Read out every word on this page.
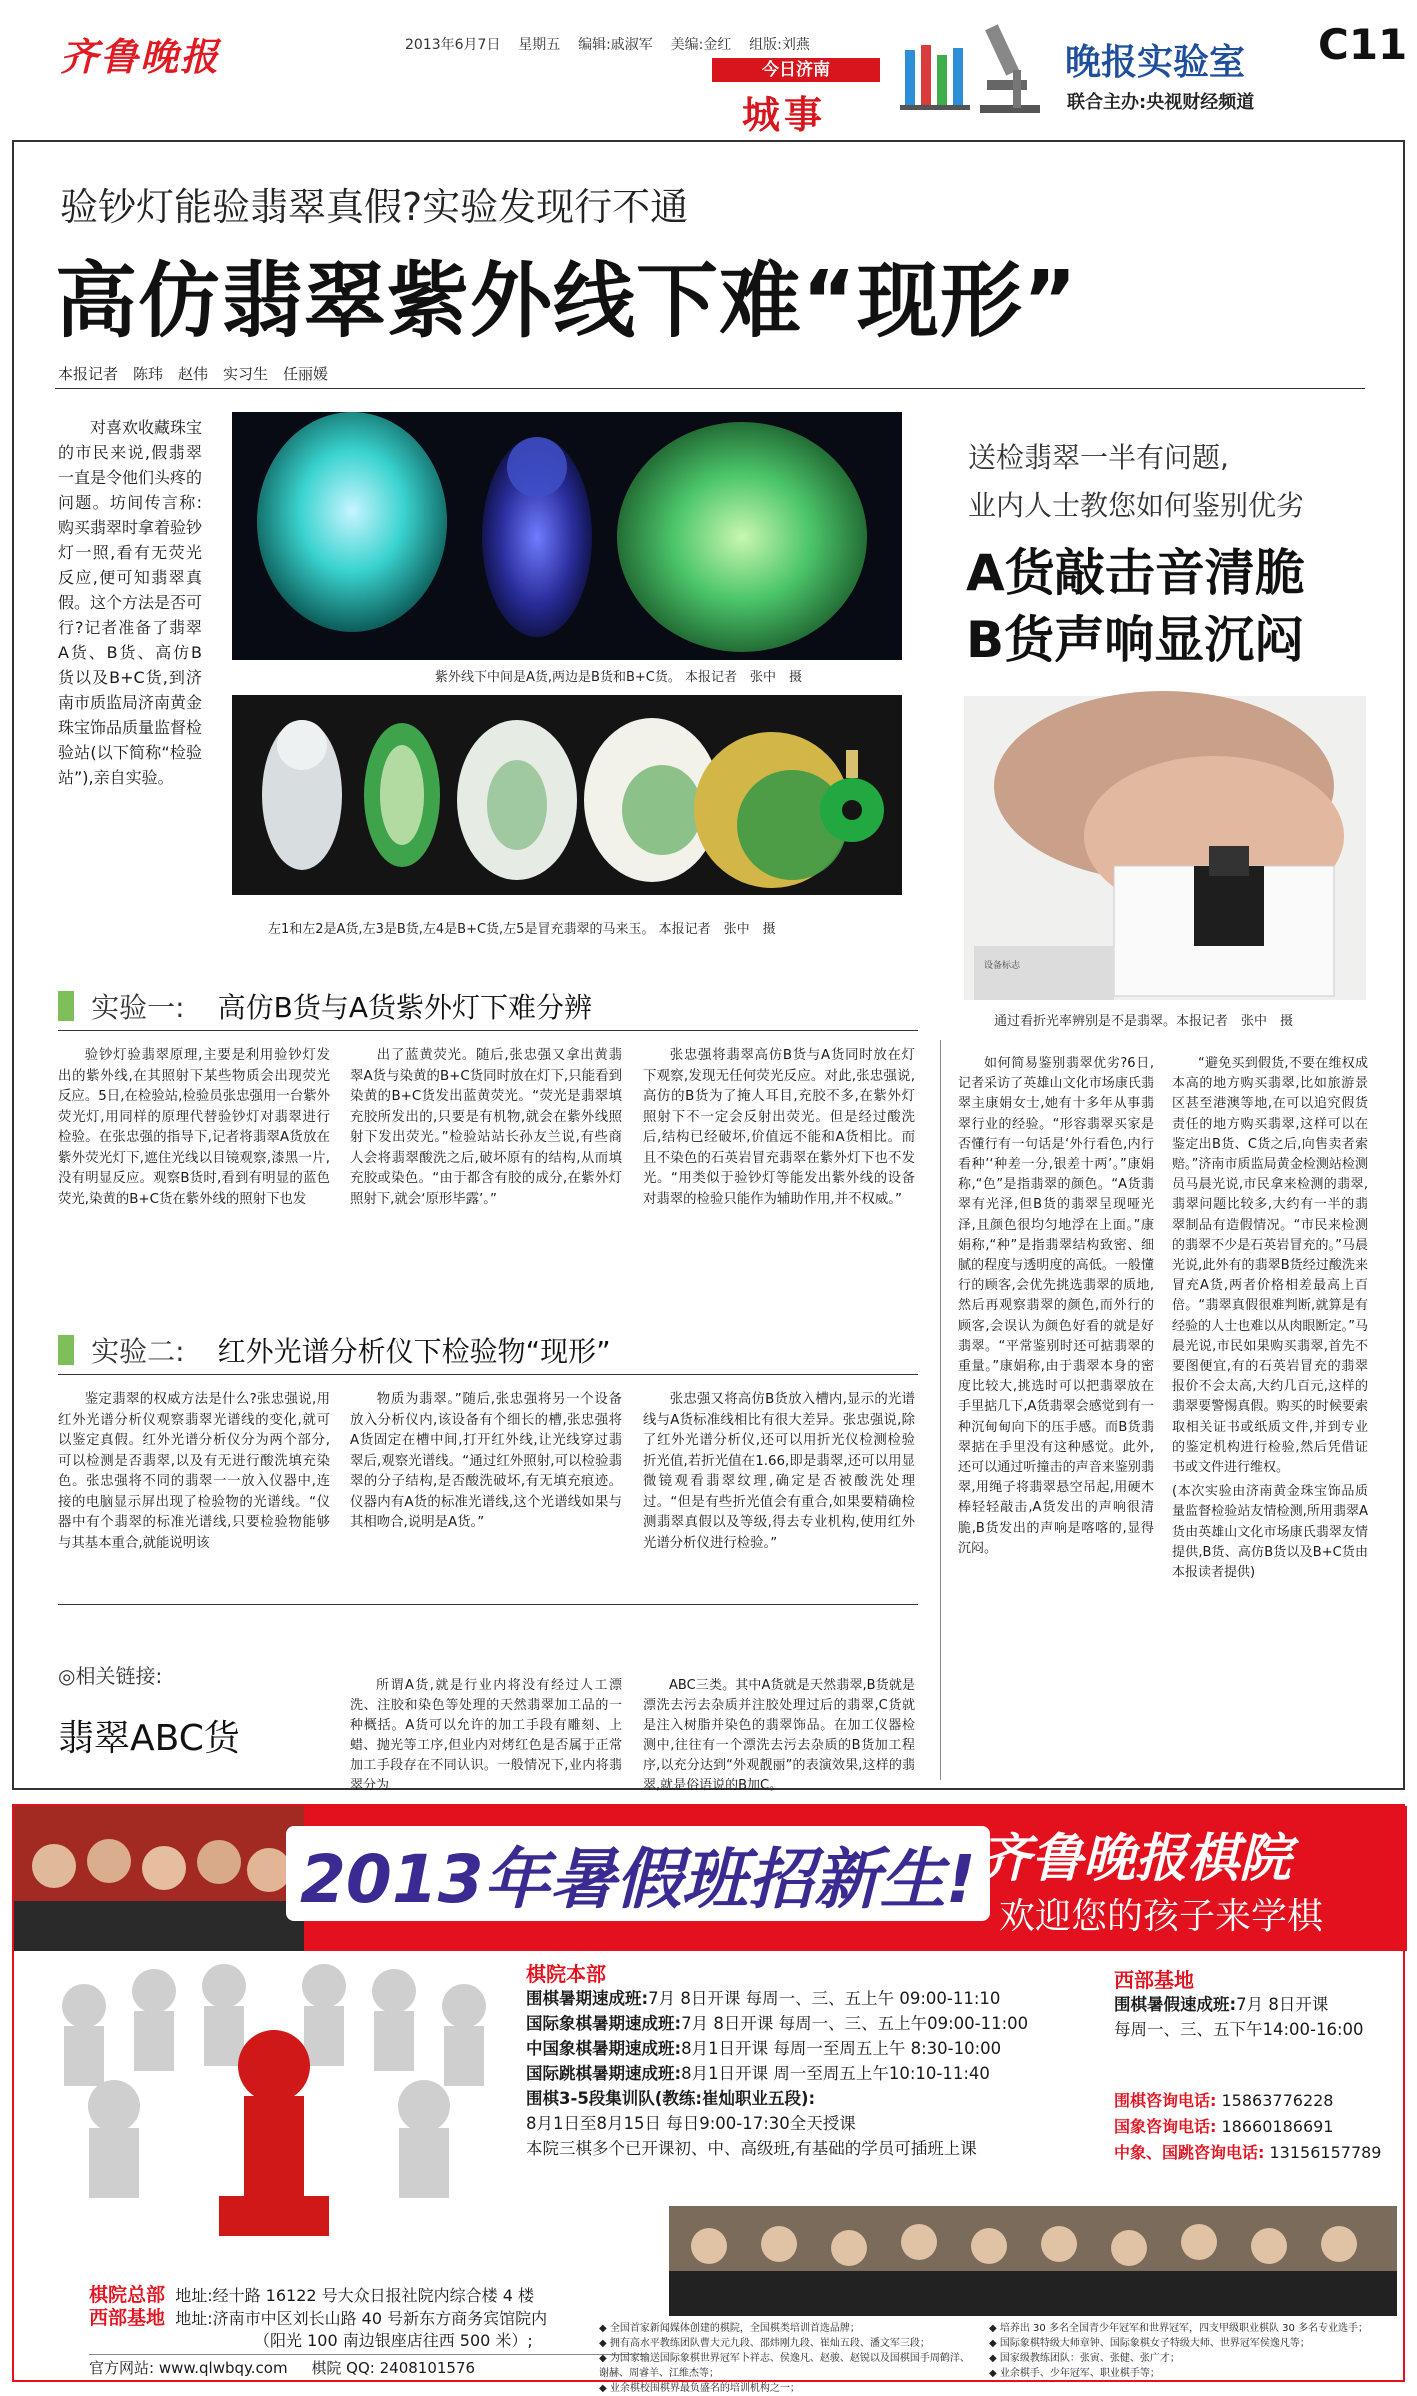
齐鲁晚报	2013年6月7日 星期五 编辑:戚淑军 美编:金红 组版:刘燕
今日济南
城事
晚报实验室
联合主办:央视财经频道
C11
验钞灯能验翡翠真假?实验发现行不通
高仿翡翠紫外线下难“现形”
本报记者　陈玮　赵伟　实习生　任丽媛

对喜欢收藏珠宝的市民来说,假翡翠一直是令他们头疼的问题。坊间传言称:购买翡翠时拿着验钞灯一照,看有无荧光反应,便可知翡翠真假。这个方法是否可行?记者准备了翡翠A货、B货、高仿B货以及B+C货,到济南市质监局济南黄金珠宝饰品质量监督检验站(以下简称“检验站”),亲自实验。

紫外线下中间是A货,两边是B货和B+C货。 本报记者　张中　摄
左1和左2是A货,左3是B货,左4是B+C货,左5是冒充翡翠的马来玉。 本报记者　张中　摄
送检翡翠一半有问题,
业内人士教您如何鉴别优劣
A货敲击音清脆
B货声响显沉闷
设备标志
通过看折光率辨别是不是翡翠。本报记者　张中　摄
实验一: 高仿B货与A货紫外灯下难分辨

验钞灯验翡翠原理,主要是利用验钞灯发出的紫外线,在其照射下某些物质会出现荧光反应。5日,在检验站,检验员张忠强用一台紫外荧光灯,用同样的原理代替验钞灯对翡翠进行检验。在张忠强的指导下,记者将翡翠A货放在紫外荧光灯下,遮住光线以目镜观察,漆黑一片,没有明显反应。观察B货时,看到有明显的蓝色荧光,染黄的B+C货在紫外线的照射下也发

出了蓝黄荧光。随后,张忠强又拿出黄翡翠A货与染黄的B+C货同时放在灯下,只能看到染黄的B+C货发出蓝黄荧光。“荧光是翡翠填充胶所发出的,只要是有机物,就会在紫外线照射下发出荧光。”检验站站长孙友兰说,有些商人会将翡翠酸洗之后,破坏原有的结构,从而填充胶或染色。“由于都含有胶的成分,在紫外灯照射下,就会‘原形毕露’。”

张忠强将翡翠高仿B货与A货同时放在灯下观察,发现无任何荧光反应。对此,张忠强说,高仿的B货为了掩人耳目,充胶不多,在紫外灯照射下不一定会反射出荧光。但是经过酸洗后,结构已经破坏,价值远不能和A货相比。而且不染色的石英岩冒充翡翠在紫外灯下也不发光。“用类似于验钞灯等能发出紫外线的设备对翡翠的检验只能作为辅助作用,并不权威。”

实验二: 红外光谱分析仪下检验物“现形”

鉴定翡翠的权威方法是什么?张忠强说,用红外光谱分析仪观察翡翠光谱线的变化,就可以鉴定真假。红外光谱分析仪分为两个部分,可以检测是否翡翠,以及有无进行酸洗填充染色。张忠强将不同的翡翠一一放入仪器中,连接的电脑显示屏出现了检验物的光谱线。“仪器中有个翡翠的标准光谱线,只要检验物能够与其基本重合,就能说明该

物质为翡翠。”随后,张忠强将另一个设备放入分析仪内,该设备有个细长的槽,张忠强将A货固定在槽中间,打开红外线,让光线穿过翡翠后,观察光谱线。“通过红外照射,可以检验翡翠的分子结构,是否酸洗破坏,有无填充痕迹。仪器内有A货的标准光谱线,这个光谱线如果与其相吻合,说明是A货。”

张忠强又将高仿B货放入槽内,显示的光谱线与A货标准线相比有很大差异。张忠强说,除了红外光谱分析仪,还可以用折光仪检测检验折光值,若折光值在1.66,即是翡翠,还可以用显微镜观看翡翠纹理,确定是否被酸洗处理过。“但是有些折光值会有重合,如果要精确检测翡翠真假以及等级,得去专业机构,使用红外光谱分析仪进行检验。”

◎相关链接:
翡翠ABC货

所谓A货,就是行业内将没有经过人工漂洗、注胶和染色等处理的天然翡翠加工品的一种概括。A货可以允许的加工手段有雕刻、上蜡、抛光等工序,但业内对烤红色是否属于正常加工手段存在不同认识。一般情况下,业内将翡翠分为

ABC三类。其中A货就是天然翡翠,B货就是漂洗去污去杂质并注胶处理过后的翡翠,C货就是注入树脂并染色的翡翠饰品。在加工仪器检测中,往往有一个漂洗去污去杂质的B货加工程序,以充分达到“外观靓丽”的表演效果,这样的翡翠,就是俗语说的B加C。

如何简易鉴别翡翠优劣?6日,记者采访了英雄山文化市场康氏翡翠主康娟女士,她有十多年从事翡翠行业的经验。“形容翡翠买家是否懂行有一句话是‘外行看色,内行看种’‘种差一分,银差十两’。”康娟称,“色”是指翡翠的颜色。“A货翡翠有光泽,但B货的翡翠呈现哑光泽,且颜色很均匀地浮在上面。”康娟称,“种”是指翡翠结构致密、细腻的程度与透明度的高低。一般懂行的顾客,会优先挑选翡翠的质地,然后再观察翡翠的颜色,而外行的顾客,会误认为颜色好看的就是好翡翠。“平常鉴别时还可掂翡翠的重量。”康娟称,由于翡翠本身的密度比较大,挑选时可以把翡翠放在手里掂几下,A货翡翠会感觉到有一种沉甸甸向下的压手感。而B货翡翠掂在手里没有这种感觉。此外,还可以通过听撞击的声音来鉴别翡翠,用绳子将翡翠悬空吊起,用硬木棒轻轻敲击,A货发出的声响很清脆,B货发出的声响是喀喀的,显得沉闷。

“避免买到假货,不要在维权成本高的地方购买翡翠,比如旅游景区甚至港澳等地,在可以追究假货责任的地方购买翡翠,这样可以在鉴定出B货、C货之后,向售卖者索赔。”济南市质监局黄金检测站检测员马晨光说,市民拿来检测的翡翠,翡翠问题比较多,大约有一半的翡翠制品有造假情况。“市民来检测的翡翠不少是石英岩冒充的。”马晨光说,此外有的翡翠B货经过酸洗来冒充A货,两者价格相差最高上百倍。“翡翠真假很难判断,就算是有经验的人士也难以从肉眼断定。”马晨光说,市民如果购买翡翠,首先不要图便宜,有的石英岩冒充的翡翠报价不会太高,大约几百元,这样的翡翠要警惕真假。购买的时候要索取相关证书或纸质文件,并到专业的鉴定机构进行检验,然后凭借证书或文件进行维权。

(本次实验由济南黄金珠宝饰品质量监督检验站友情检测,所用翡翠A货由英雄山文化市场康氏翡翠友情提供,B货、高仿B货以及B+C货由本报读者提供)

2013年暑假班招新生! 齐鲁晚报棋院
欢迎您的孩子来学棋
棋院本部
围棋暑期速成班:7月 8日开课 每周一、三、五上午 09:00-11:10
国际象棋暑期速成班:7月 8日开课 每周一、三、五上午09:00-11:00
中国象棋暑期速成班:8月1日开课 每周一至周五上午 8:30-10:00
国际跳棋暑期速成班:8月1日开课 周一至周五上午10:10-11:40
围棋3-5段集训队(教练:崔灿职业五段):
8月1日至8月15日 每日9:00-17:30全天授课
本院三棋多个已开课初、中、高级班,有基础的学员可插班上课
西部基地
围棋暑假速成班:7月 8日开课
每周一、三、五下午14:00-16:00
围棋咨询电话: 15863776228
国象咨询电话: 18660186691
中象、国跳咨询电话: 13156157789
棋院总部 地址:经十路 16122 号大众日报社院内综合楼 4 楼
西部基地 地址:济南市中区刘长山路 40 号新东方商务宾馆院内
（阳光 100 南边银座店往西 500 米）;
官方网站: www.qlwbqy.com 棋院 QQ: 2408101576
◆ 全国首家新闻媒体创建的棋院，全国棋类培训首选品牌；
◆ 拥有高水平教练团队曹大元九段、邵炜刚九段、崔灿五段、潘文军三段；
◆ 为国家输送国际象棋世界冠军卜祥志、侯逸凡、赵骏、赵锐以及国棋国手周鹤洋、谢赫、周睿羊、江维杰等；
◆ 业余棋校围棋界最负盛名的培训机构之一；
◆ 培养出 30 多名全国青少年冠军和世界冠军，四支甲级职业棋队 30 多名专业选手；
◆ 国际象棋特级大师章钟、国际象棋女子特级大师、世界冠军侯逸凡等；
◆ 国家级教练团队：张寅、张健、张广才；
◆ 业余棋手、少年冠军、职业棋手等；
